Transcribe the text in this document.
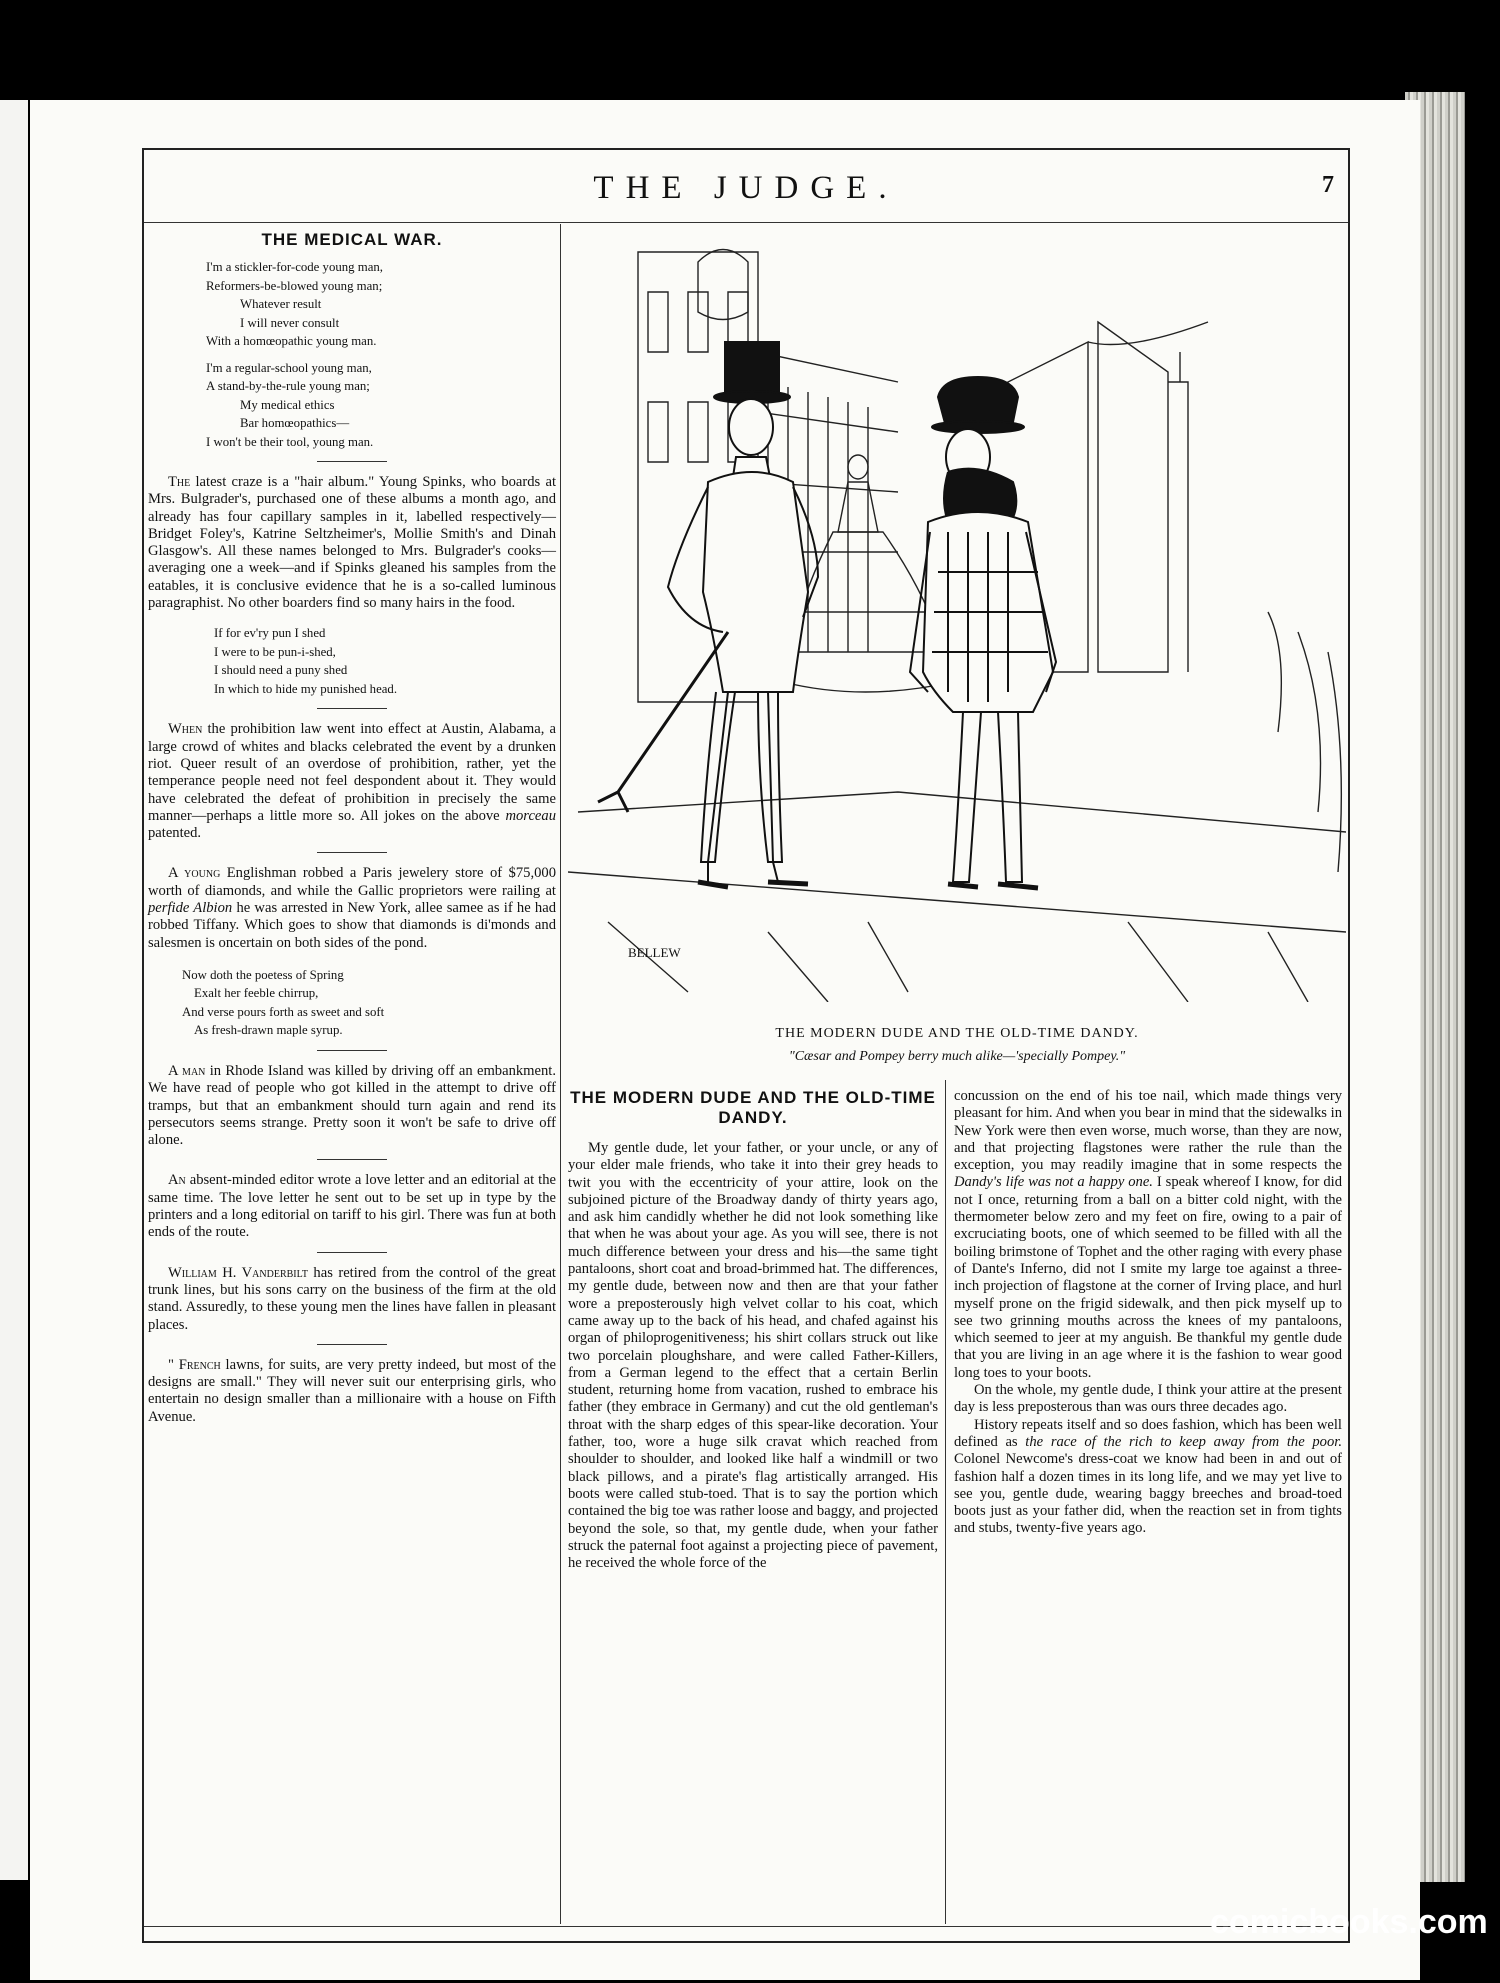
THE JUDGE.	7
THE MEDICAL WAR.
I'm a stickler-for-code young man,
Reformers-be-blowed young man;
Whatever result
I will never consult
With a homœopathic young man.
I'm a regular-school young man,
A stand-by-the-rule young man;
My medical ethics
Bar homœopathics—
I won't be their tool, young man.

The latest craze is a "hair album." Young Spinks, who boards at Mrs. Bulgrader's, purchased one of these albums a month ago, and already has four capillary samples in it, labelled respectively—Bridget Foley's, Katrine Seltzheimer's, Mollie Smith's and Dinah Glasgow's. All these names belonged to Mrs. Bulgrader's cooks—averaging one a week—and if Spinks gleaned his samples from the eatables, it is conclusive evidence that he is a so-called luminous paragraphist. No other boarders find so many hairs in the food.

If for ev'ry pun I shed
I were to be pun-i-shed,
I should need a puny shed
In which to hide my punished head.

When the prohibition law went into effect at Austin, Alabama, a large crowd of whites and blacks celebrated the event by a drunken riot. Queer result of an overdose of prohibition, rather, yet the temperance people need not feel despondent about it. They would have celebrated the defeat of prohibition in precisely the same manner—perhaps a little more so. All jokes on the above morceau patented.

A young Englishman robbed a Paris jewelery store of $75,000 worth of diamonds, and while the Gallic proprietors were railing at perfide Albion he was arrested in New York, allee samee as if he had robbed Tiffany. Which goes to show that diamonds is di'monds and salesmen is oncertain on both sides of the pond.

Now doth the poetess of Spring
Exalt her feeble chirrup,
And verse pours forth as sweet and soft
As fresh-drawn maple syrup.

A man in Rhode Island was killed by driving off an embankment. We have read of people who got killed in the attempt to drive off tramps, but that an embankment should turn again and rend its persecutors seems strange. Pretty soon it won't be safe to drive off alone.

An absent-minded editor wrote a love letter and an editorial at the same time. The love letter he sent out to be set up in type by the printers and a long editorial on tariff to his girl. There was fun at both ends of the route.

William H. Vanderbilt has retired from the control of the great trunk lines, but his sons carry on the business of the firm at the old stand. Assuredly, to these young men the lines have fallen in pleasant places.

" French lawns, for suits, are very pretty indeed, but most of the designs are small." They will never suit our enterprising girls, who entertain no design smaller than a millionaire with a house on Fifth Avenue.

BELLEW
THE MODERN DUDE AND THE OLD-TIME DANDY.
"Cæsar and Pompey berry much alike—'specially Pompey."
THE MODERN DUDE AND THE OLD-TIME DANDY.

My gentle dude, let your father, or your uncle, or any of your elder male friends, who take it into their grey heads to twit you with the eccentricity of your attire, look on the subjoined picture of the Broadway dandy of thirty years ago, and ask him candidly whether he did not look something like that when he was about your age. As you will see, there is not much difference between your dress and his—the same tight pantaloons, short coat and broad-brimmed hat. The differences, my gentle dude, between now and then are that your father wore a preposterously high velvet collar to his coat, which came away up to the back of his head, and chafed against his organ of philoprogenitiveness; his shirt collars struck out like two porcelain ploughshare, and were called Father-Killers, from a German legend to the effect that a certain Berlin student, returning home from vacation, rushed to embrace his father (they embrace in Germany) and cut the old gentleman's throat with the sharp edges of this spear-like decoration. Your father, too, wore a huge silk cravat which reached from shoulder to shoulder, and looked like half a windmill or two black pillows, and a pirate's flag artistically arranged. His boots were called stub-toed. That is to say the portion which contained the big toe was rather loose and baggy, and projected beyond the sole, so that, my gentle dude, when your father struck the paternal foot against a projecting piece of pavement, he received the whole force of the

concussion on the end of his toe nail, which made things very pleasant for him. And when you bear in mind that the sidewalks in New York were then even worse, much worse, than they are now, and that projecting flagstones were rather the rule than the exception, you may readily imagine that in some respects the Dandy's life was not a happy one. I speak whereof I know, for did not I once, returning from a ball on a bitter cold night, with the thermometer below zero and my feet on fire, owing to a pair of excruciating boots, one of which seemed to be filled with all the boiling brimstone of Tophet and the other raging with every phase of Dante's Inferno, did not I smite my large toe against a three-inch projection of flagstone at the corner of Irving place, and hurl myself prone on the frigid sidewalk, and then pick myself up to see two grinning mouths across the knees of my pantaloons, which seemed to jeer at my anguish. Be thankful my gentle dude that you are living in an age where it is the fashion to wear good long toes to your boots.

On the whole, my gentle dude, I think your attire at the present day is less preposterous than was ours three decades ago.

History repeats itself and so does fashion, which has been well defined as the race of the rich to keep away from the poor. Colonel Newcome's dress-coat we know had been in and out of fashion half a dozen times in its long life, and we may yet live to see you, gentle dude, wearing baggy breeches and broad-toed boots just as your father did, when the reaction set in from tights and stubs, twenty-five years ago.

comicbooks.com
